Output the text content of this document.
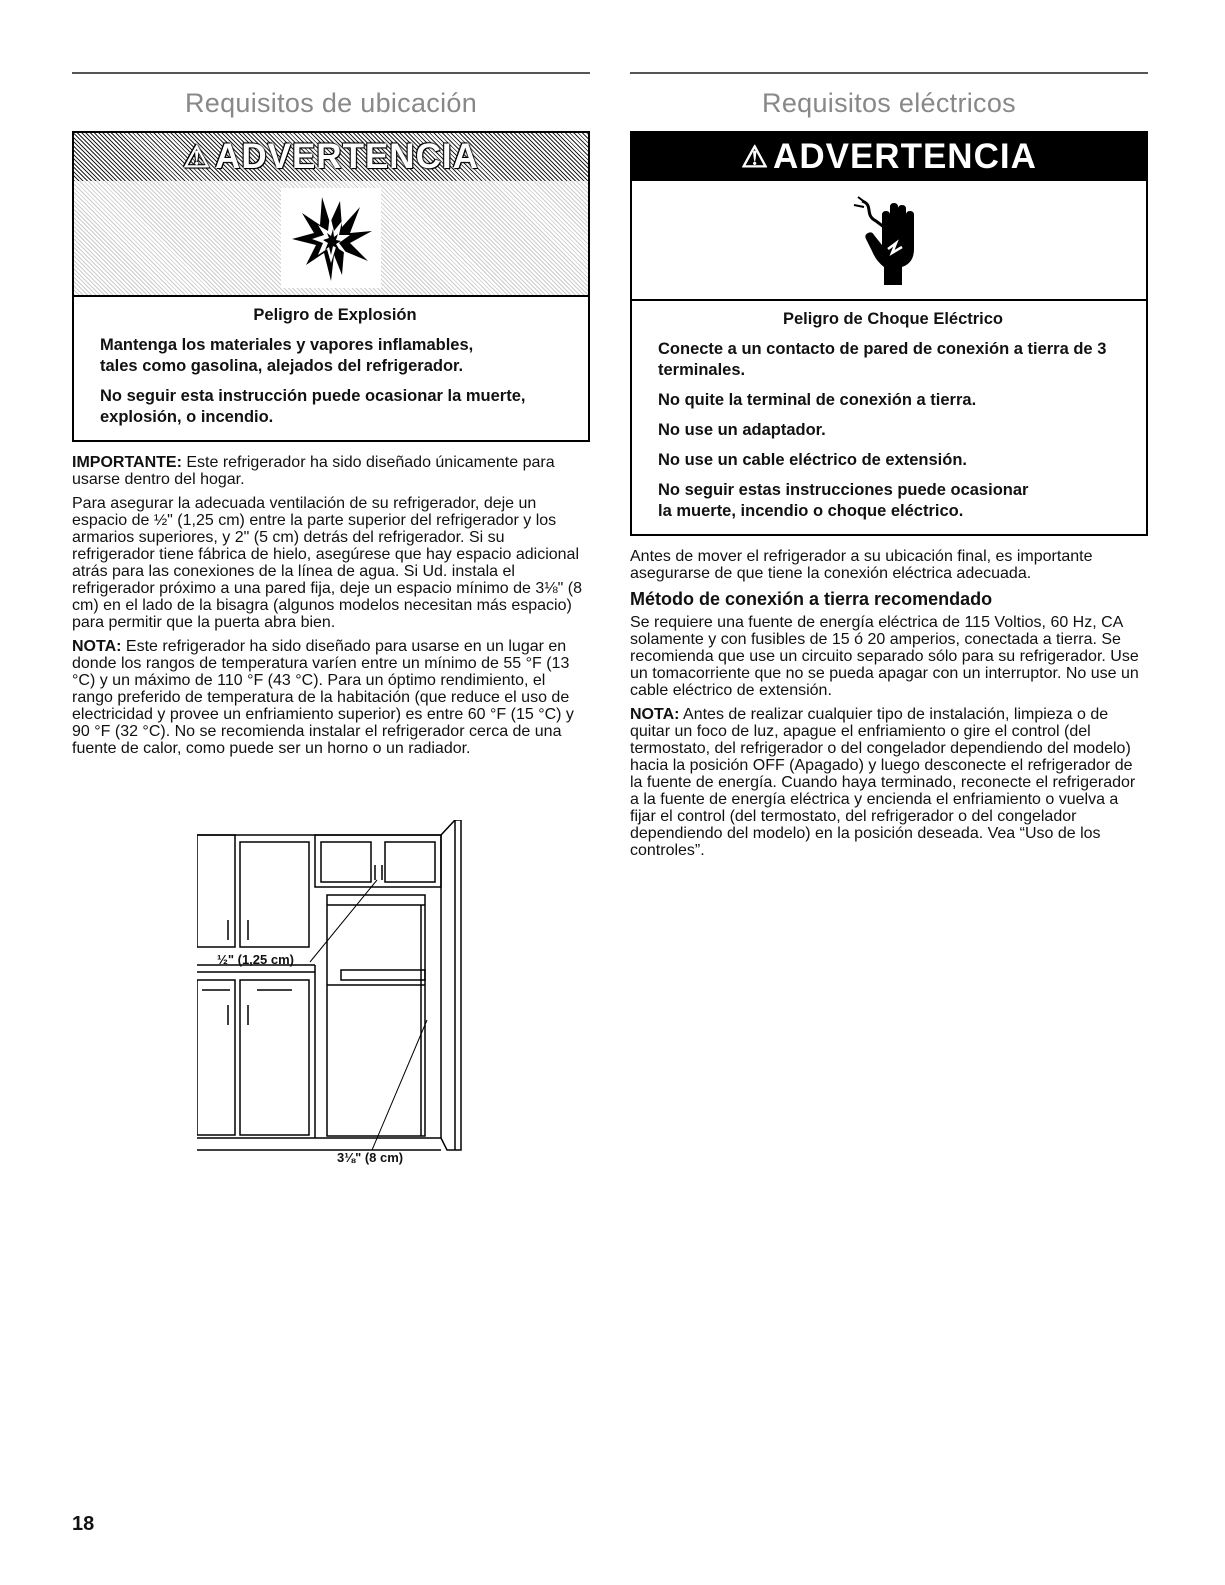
Requisitos de ubicación
⚠ ADVERTENCIA

Peligro de Explosión

Mantenga los materiales y vapores inflamables,
tales como gasolina, alejados del refrigerador.

No seguir esta instrucción puede ocasionar la muerte,
explosión, o incendio.

IMPORTANTE: Este refrigerador ha sido diseñado únicamente para usarse dentro del hogar.

Para asegurar la adecuada ventilación de su refrigerador, deje un espacio de ½" (1,25 cm) entre la parte superior del refrigerador y los armarios superiores, y 2" (5 cm) detrás del refrigerador. Si su refrigerador tiene fábrica de hielo, asegúrese que hay espacio adicional atrás para las conexiones de la línea de agua. Si Ud. instala el refrigerador próximo a una pared fija, deje un espacio mínimo de 3⅛" (8 cm) en el lado de la bisagra (algunos modelos necesitan más espacio) para permitir que la puerta abra bien.

NOTA: Este refrigerador ha sido diseñado para usarse en un lugar en donde los rangos de temperatura varíen entre un mínimo de 55 °F (13 °C) y un máximo de 110 °F (43 °C). Para un óptimo rendimiento, el rango preferido de temperatura de la habitación (que reduce el uso de electricidad y provee un enfriamiento superior) es entre 60 °F (15 °C) y 90 °F (32 °C). No se recomienda instalar el refrigerador cerca de una fuente de calor, como puede ser un horno o un radiador.

½" (1,25 cm)
3⅛" (8 cm)
Requisitos eléctricos
⚠ ADVERTENCIA

Peligro de Choque Eléctrico

Conecte a un contacto de pared de conexión a tierra de 3 terminales.

No quite la terminal de conexión a tierra.

No use un adaptador.

No use un cable eléctrico de extensión.

No seguir estas instrucciones puede ocasionar
la muerte, incendio o choque eléctrico.

Antes de mover el refrigerador a su ubicación final, es importante asegurarse de que tiene la conexión eléctrica adecuada.

Método de conexión a tierra recomendado

Se requiere una fuente de energía eléctrica de 115 Voltios, 60 Hz, CA solamente y con fusibles de 15 ó 20 amperios, conectada a tierra. Se recomienda que use un circuito separado sólo para su refrigerador. Use un tomacorriente que no se pueda apagar con un interruptor. No use un cable eléctrico de extensión.

NOTA: Antes de realizar cualquier tipo de instalación, limpieza o de quitar un foco de luz, apague el enfriamiento o gire el control (del termostato, del refrigerador o del congelador dependiendo del modelo) hacia la posición OFF (Apagado) y luego desconecte el refrigerador de la fuente de energía. Cuando haya terminado, reconecte el refrigerador a la fuente de energía eléctrica y encienda el enfriamiento o vuelva a fijar el control (del termostato, del refrigerador o del congelador dependiendo del modelo) en la posición deseada. Vea “Uso de los controles”.

18
